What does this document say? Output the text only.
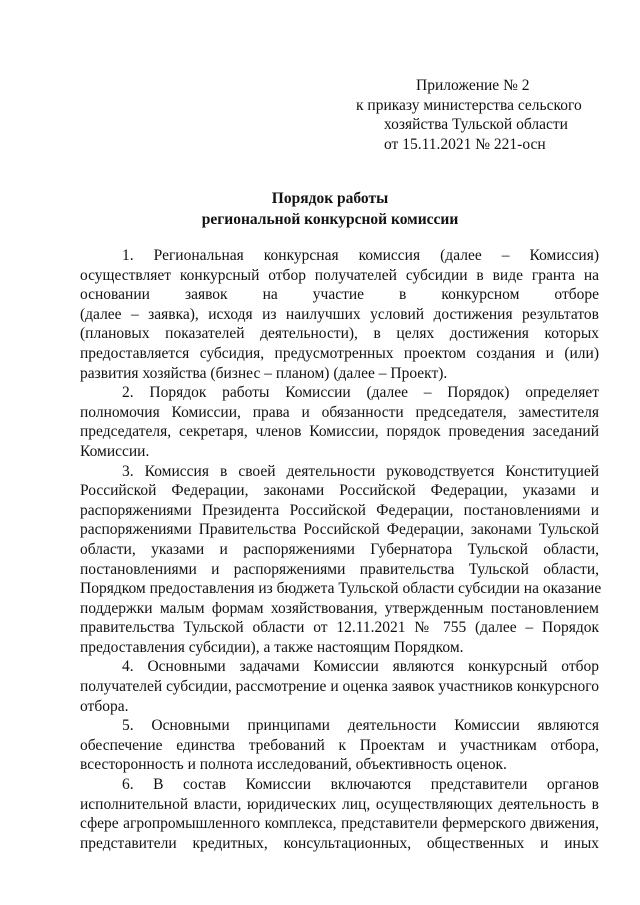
Приложение № 2
к приказу министерства сельского
хозяйства Тульской области
от 15.11.2021 № 221-осн
Порядок работы
региональной конкурсной комиссии
1. Региональная конкурсная комиссия (далее – Комиссия)
осуществляет конкурсный отбор получателей субсидии в виде гранта на
основании заявок на участие в конкурсном отборе
(далее – заявка), исходя из наилучших условий достижения результатов
(плановых показателей деятельности), в целях достижения которых
предоставляется субсидия, предусмотренных проектом создания и (или)
развития хозяйства (бизнес – планом) (далее – Проект).
2. Порядок работы Комиссии (далее – Порядок) определяет
полномочия Комиссии, права и обязанности председателя, заместителя
председателя, секретаря, членов Комиссии, порядок проведения заседаний
Комиссии.
3. Комиссия в своей деятельности руководствуется Конституцией
Российской Федерации, законами Российской Федерации, указами и
распоряжениями Президента Российской Федерации, постановлениями и
распоряжениями Правительства Российской Федерации, законами Тульской
области, указами и распоряжениями Губернатора Тульской области,
постановлениями и распоряжениями правительства Тульской области,
Порядком предоставления из бюджета Тульской области субсидии на оказание
поддержки малым формам хозяйствования, утвержденным постановлением
правительства Тульской области от 12.11.2021 № 755 (далее – Порядок
предоставления субсидии), а также настоящим Порядком.
4. Основными задачами Комиссии являются конкурсный отбор
получателей субсидии, рассмотрение и оценка заявок участников конкурсного
отбора.
5. Основными принципами деятельности Комиссии являются
обеспечение единства требований к Проектам и участникам отбора,
всесторонность и полнота исследований, объективность оценок.
6. В состав Комиссии включаются представители органов
исполнительной власти, юридических лиц, осуществляющих деятельность в
сфере агропромышленного комплекса, представители фермерского движения,
представители кредитных, консультационных, общественных и иных
